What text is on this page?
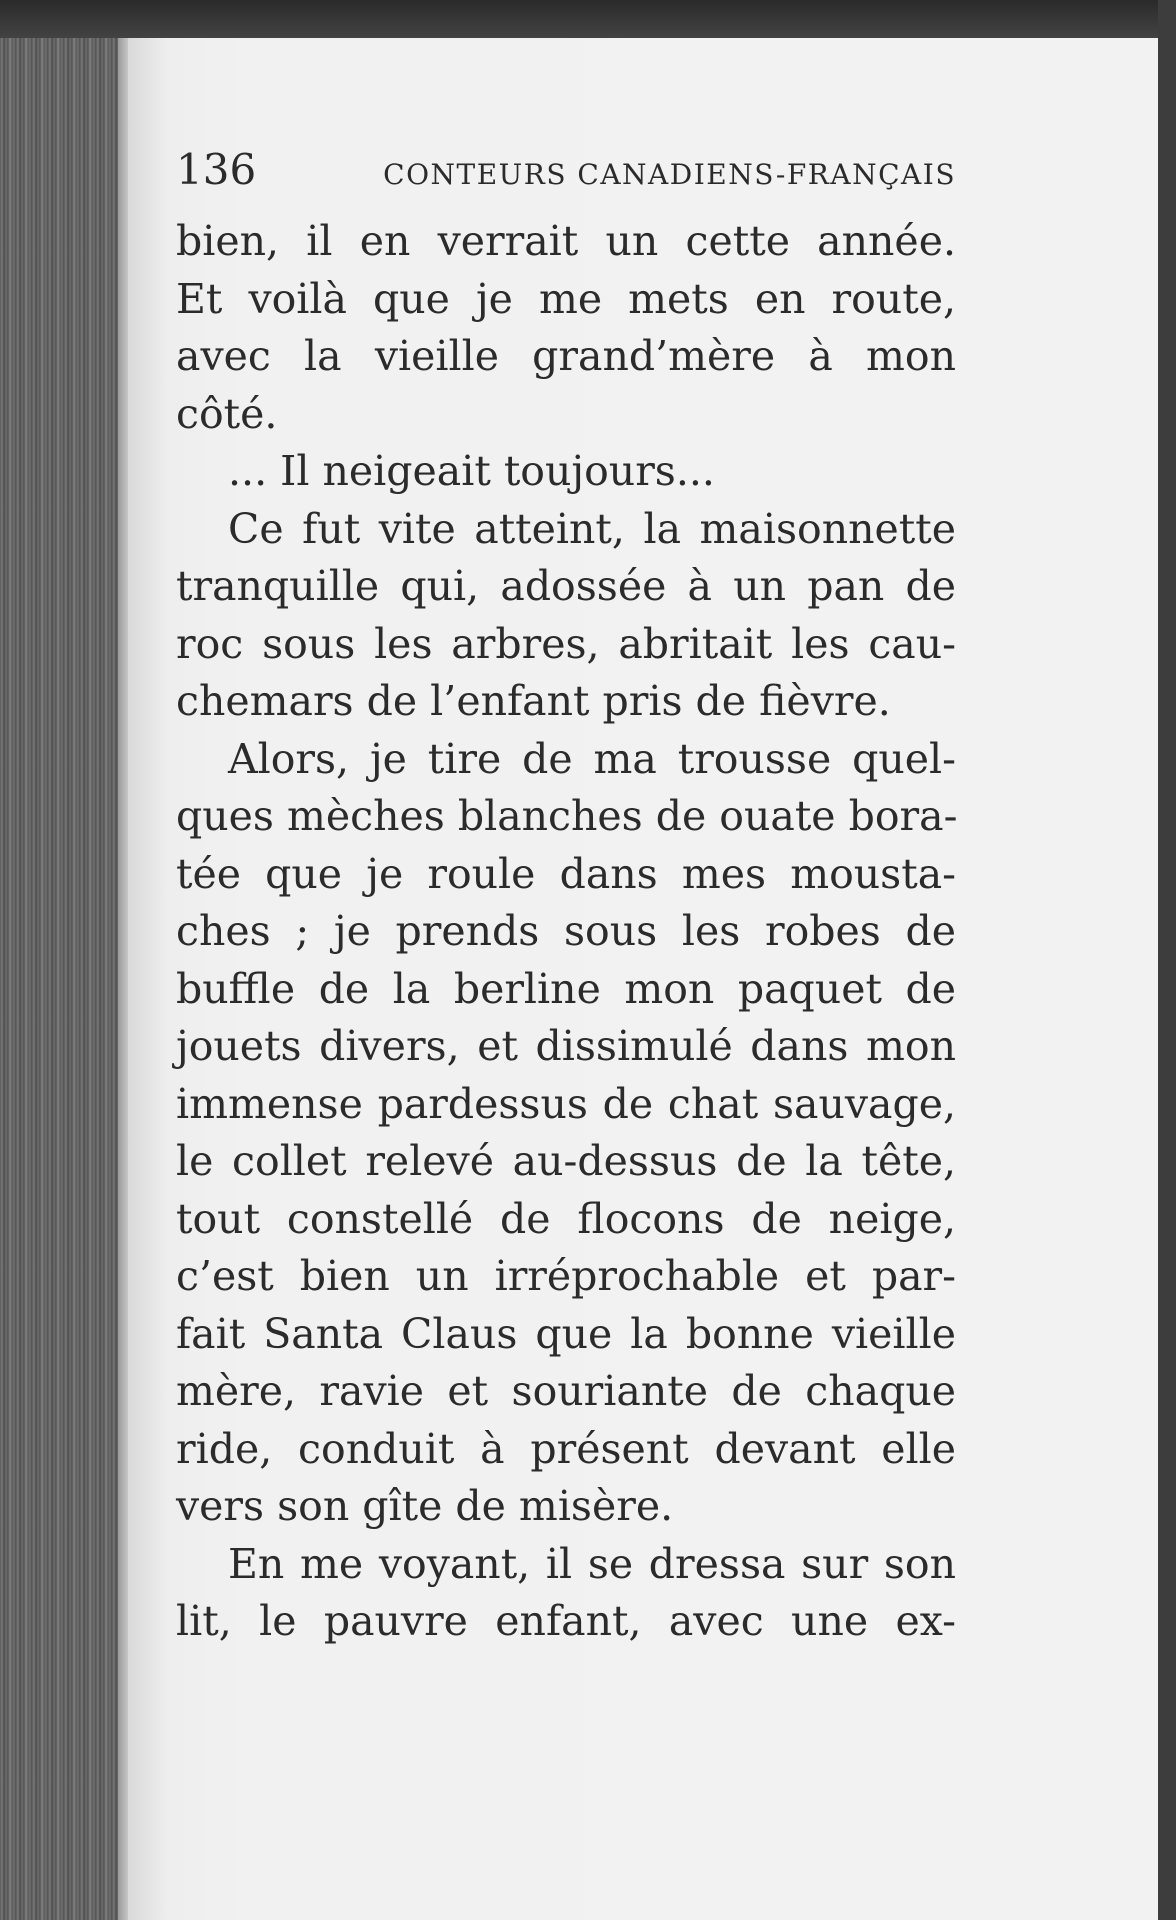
136	CONTEURS CANADIENS-FRANÇAIS
bien, il en verrait un cette année.
Et voilà que je me mets en route,
avec la vieille grand’mère à mon
côté.
... Il neigeait toujours...
Ce fut vite atteint, la maisonnette
tranquille qui, adossée à un pan de
roc sous les arbres, abritait les cau-
chemars de l’enfant pris de fièvre.
Alors, je tire de ma trousse quel-
ques mèches blanches de ouate bora-
tée que je roule dans mes mousta-
ches ; je prends sous les robes de
buffle de la berline mon paquet de
jouets divers, et dissimulé dans mon
immense pardessus de chat sauvage,
le collet relevé au-dessus de la tête,
tout constellé de flocons de neige,
c’est bien un irréprochable et par-
fait Santa Claus que la bonne vieille
mère, ravie et souriante de chaque
ride, conduit à présent devant elle
vers son gîte de misère.
En me voyant, il se dressa sur son
lit, le pauvre enfant, avec une ex-
